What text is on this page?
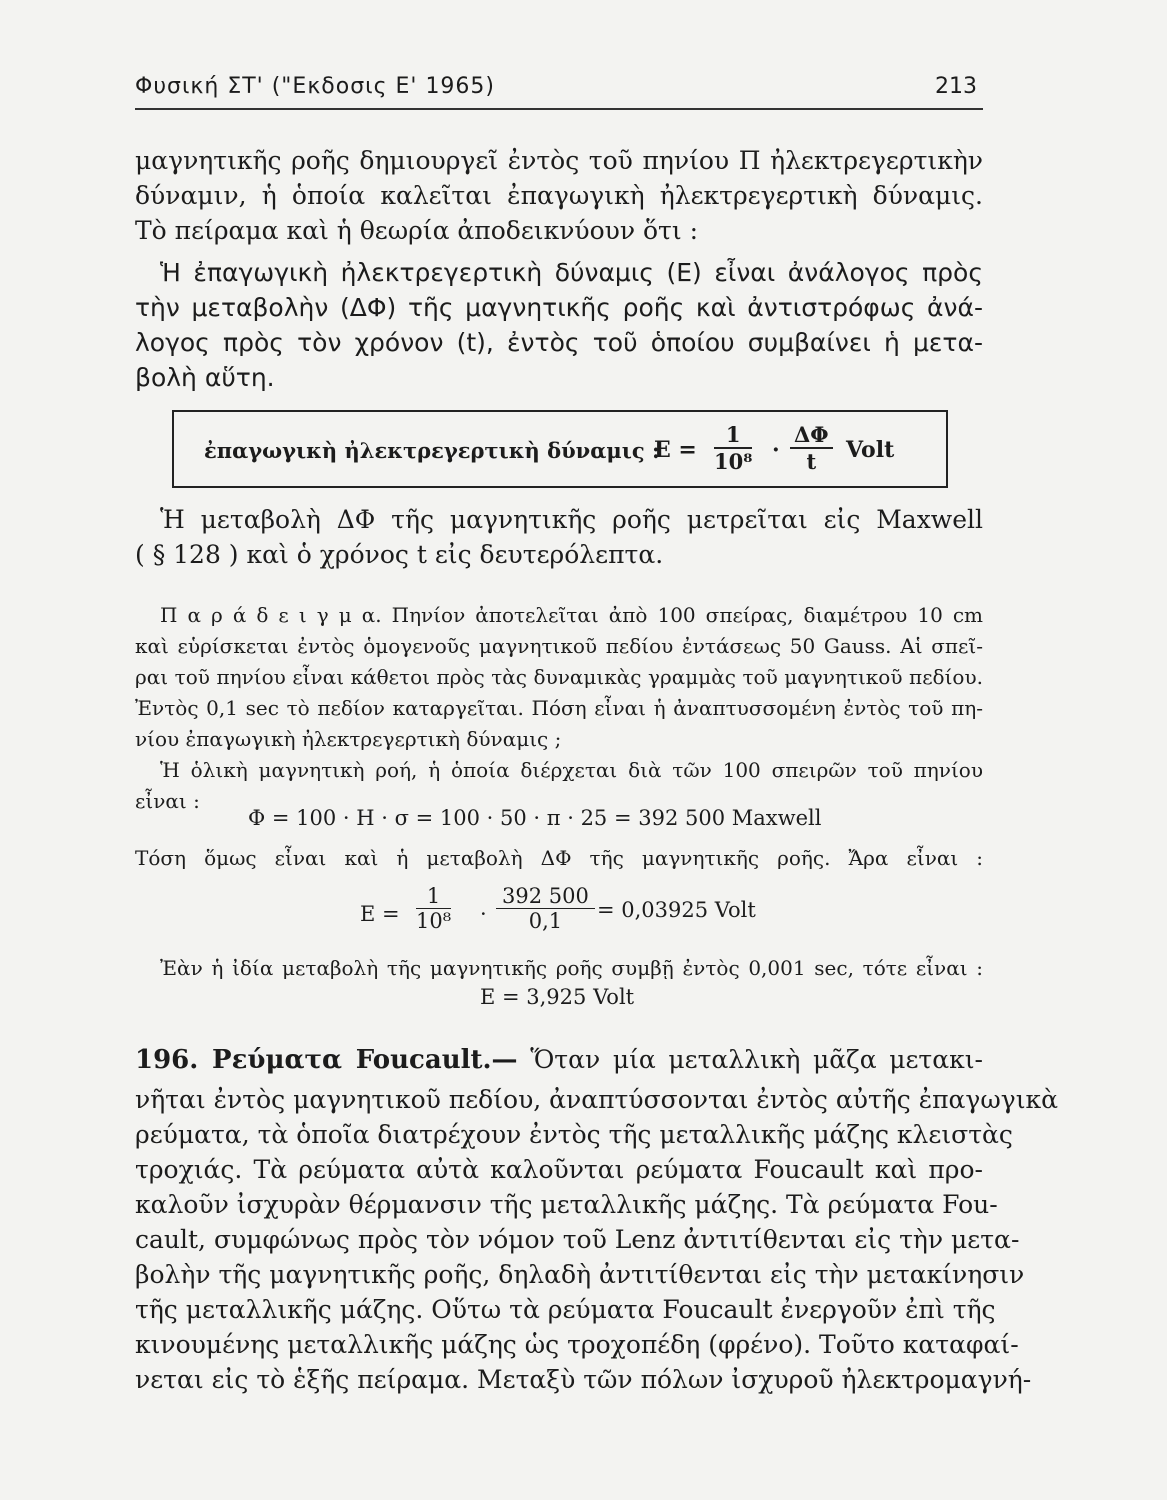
Φυσική ΣΤ' ("Εκδοσις Ε' 1965)	213
μαγνητικῆς ροῆς δημιουργεῖ ἐντὸς τοῦ πηνίου Π ἠλεκτρεγερτικὴν
δύναμιν, ἡ ὁποία καλεῖται ἐπαγωγικὴ ἠλεκτρεγερτικὴ δύναμις.
Τὸ πείραμα καὶ ἡ θεωρία ἀποδεικνύουν ὅτι :
Ἡ ἐπαγωγικὴ ἠλεκτρεγερτικὴ δύναμις (Ε) εἶναι ἀνάλογος πρὸς
τὴν μεταβολὴν (ΔΦ) τῆς μαγνητικῆς ροῆς καὶ ἀντιστρόφως ἀνά-
λογος πρὸς τὸν χρόνον (t), ἐντὸς τοῦ ὁποίου συμβαίνει ἡ μετα-
βολὴ αὕτη.
ἐπαγωγικὴ ἠλεκτρεγερτικὴ δύναμις :
$E = \frac{1}{\text{10⁸}} \cdot \frac{\Delta\Phi}{t}$ Volt
Ἡ μεταβολὴ ΔΦ τῆς μαγνητικῆς ροῆς μετρεῖται εἰς Maxwell
( § 128 ) καὶ ὁ χρόνος t εἰς δευτερόλεπτα.
Π α ρ ά δ ε ι γ μ α. Πηνίον ἀποτελεῖται ἀπὸ 100 σπείρας, διαμέτρου 10 cm
καὶ εὑρίσκεται ἐντὸς ὁμογενοῦς μαγνητικοῦ πεδίου ἐντάσεως 50 Gauss. Αἱ σπεῖ-
ραι τοῦ πηνίου εἶναι κάθετοι πρὸς τὰς δυναμικὰς γραμμὰς τοῦ μαγνητικοῦ πεδίου.
Ἐντὸς 0,1 sec τὸ πεδίον καταργεῖται. Πόση εἶναι ἡ ἀναπτυσσομένη ἐντὸς τοῦ πη-
νίου ἐπαγωγικὴ ἠλεκτρεγερτικὴ δύναμις ;
Ἡ ὁλικὴ μαγνητικὴ ροή, ἡ ὁποία διέρχεται διὰ τῶν 100 σπειρῶν τοῦ πηνίου
εἶναι :
Φ = 100 · Η · σ = 100 · 50 · π · 25 = 392 500 Maxwell
Τόση ὅμως εἶναι καὶ ἡ μεταβολὴ ΔΦ τῆς μαγνητικῆς ροῆς. Ἄρα εἶναι :
$E = \frac{1}{\text{10⁸}} \cdot \frac{392 500}{0,1} = 0,03925$ Volt
Ἐὰν ἡ ἰδία μεταβολὴ τῆς μαγνητικῆς ροῆς συμβῇ ἐντὸς 0,001 sec, τότε εἶναι :
Ε = 3,925 Volt
196. Ρεύματα Foucault.— Ὅταν μία μεταλλικὴ μᾶζα μετακι-
νῆται ἐντὸς μαγνητικοῦ πεδίου, ἀναπτύσσονται ἐντὸς αὐτῆς ἐπαγωγικὰ
ρεύματα, τὰ ὁποῖα διατρέχουν ἐντὸς τῆς μεταλλικῆς μάζης κλειστὰς
τροχιάς. Τὰ ρεύματα αὐτὰ καλοῦνται ρεύματα Foucault καὶ προ-
καλοῦν ἰσχυρὰν θέρμανσιν τῆς μεταλλικῆς μάζης. Τὰ ρεύματα Fou-
cault, συμφώνως πρὸς τὸν νόμον τοῦ Lenz ἀντιτίθενται εἰς τὴν μετα-
βολὴν τῆς μαγνητικῆς ροῆς, δηλαδὴ ἀντιτίθενται εἰς τὴν μετακίνησιν
τῆς μεταλλικῆς μάζης. Οὕτω τὰ ρεύματα Foucault ἐνεργοῦν ἐπὶ τῆς
κινουμένης μεταλλικῆς μάζης ὡς τροχοπέδη (φρένο). Τοῦτο καταφαί-
νεται εἰς τὸ ἑξῆς πείραμα. Μεταξὺ τῶν πόλων ἰσχυροῦ ἠλεκτρομαγνή-
